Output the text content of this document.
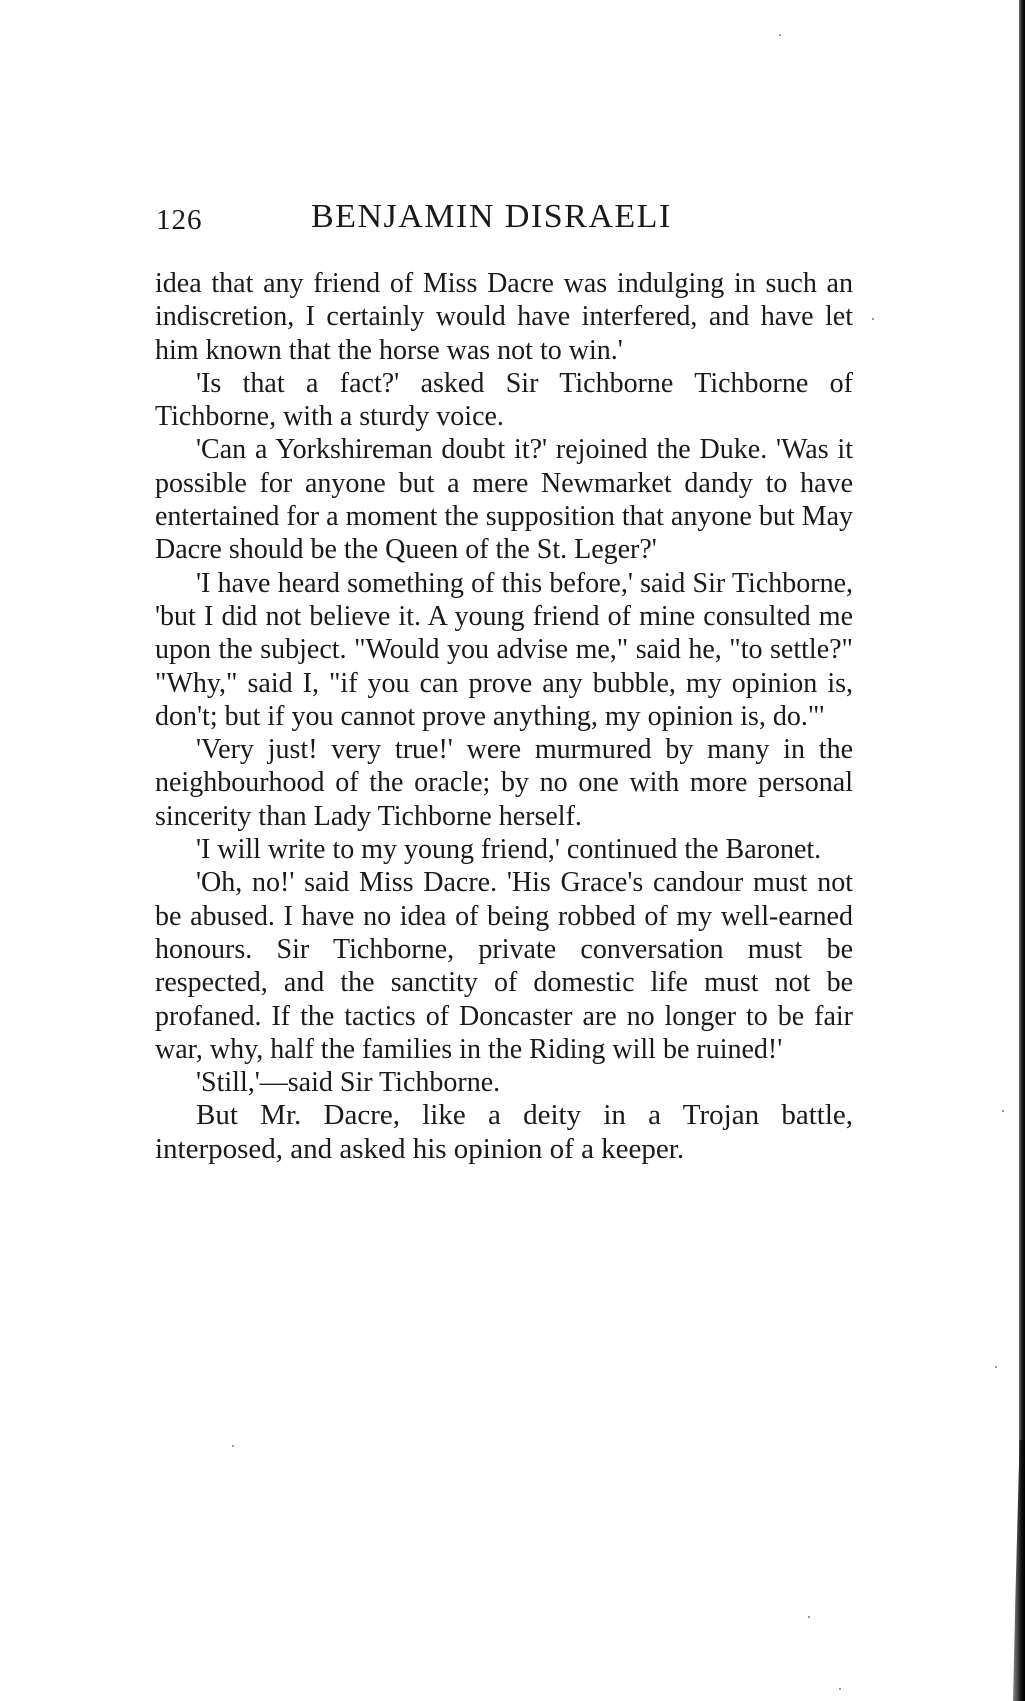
126	BENJAMIN DISRAELI

idea that any friend of Miss Dacre was indulging in such an indiscretion, I certainly would have interfered, and have let him known that the horse was not to win.'

'Is that a fact?' asked Sir Tichborne Tichborne of Tichborne, with a sturdy voice.

'Can a Yorkshireman doubt it?' rejoined the Duke. 'Was it possible for anyone but a mere Newmarket dandy to have entertained for a moment the supposition that anyone but May Dacre should be the Queen of the St. Leger?'

'I have heard something of this before,' said Sir Tichborne, 'but I did not believe it. A young friend of mine consulted me upon the subject. "Would you advise me," said he, "to settle?" "Why," said I, "if you can prove any bubble, my opinion is, don't; but if you cannot prove anything, my opinion is, do."'

'Very just! very true!' were murmured by many in the neighbourhood of the oracle; by no one with more personal sincerity than Lady Tichborne herself.

'I will write to my young friend,' continued the Baronet.

'Oh, no!' said Miss Dacre. 'His Grace's candour must not be abused. I have no idea of being robbed of my well-earned honours. Sir Tichborne, private conversation must be respected, and the sanctity of domestic life must not be profaned. If the tactics of Doncaster are no longer to be fair war, why, half the families in the Riding will be ruined!'

'Still,'—said Sir Tichborne.

But Mr. Dacre, like a deity in a Trojan battle, interposed, and asked his opinion of a keeper.
